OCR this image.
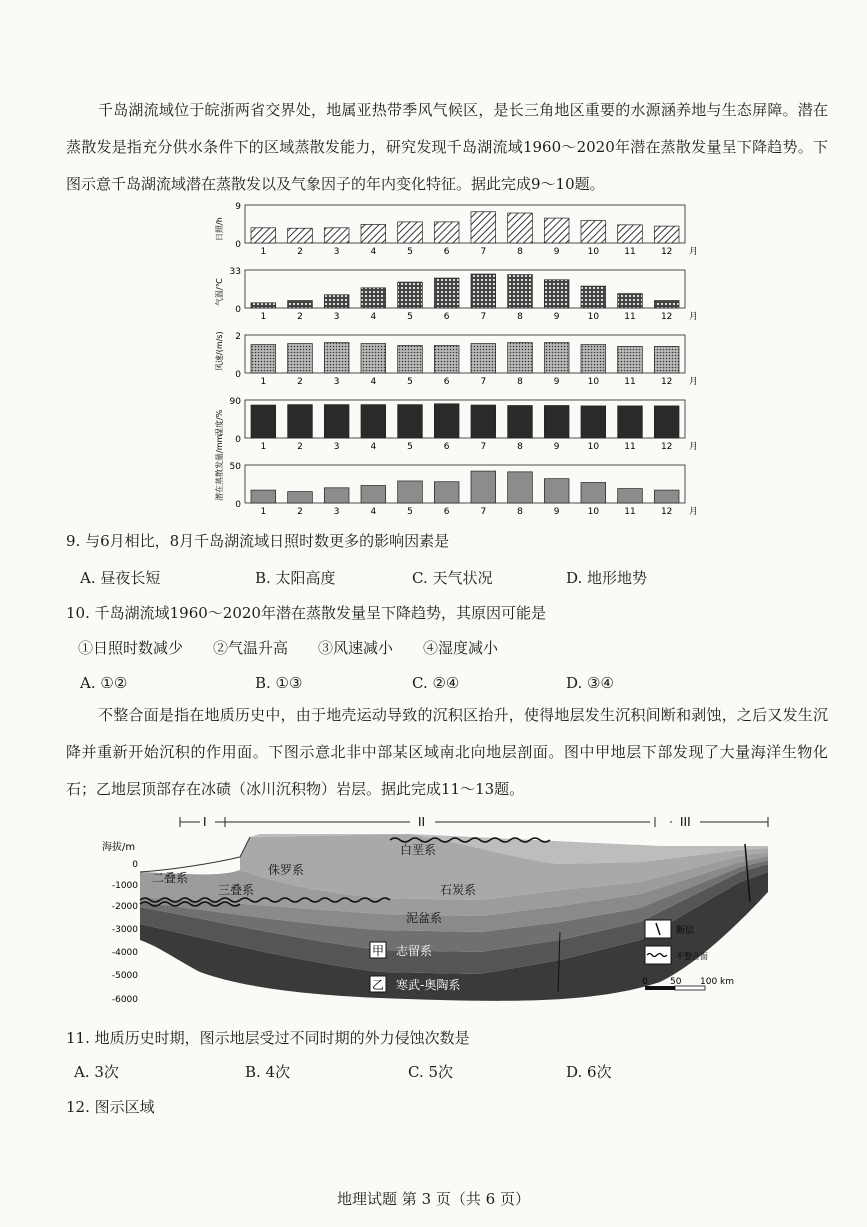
千岛湖流域位于皖浙两省交界处，地属亚热带季风气候区，是长三角地区重要的水源涵养地与生态屏障。潜在蒸散发是指充分供水条件下的区域蒸散发能力，研究发现千岛湖流域1960～2020年潜在蒸散发量呈下降趋势。下图示意千岛湖流域潜在蒸散发以及气象因子的年内变化特征。据此完成9～10题。
日照/h
0
9
1	2	3	4	5	6	7	8	9	10	11	12 月
气温/℃
0
33
1	2	3	4	5	6	7	8	9	10	11	12 月
风速/(m/s)
0
2
1	2	3	4	5	6	7	8	9	10	11	12 月
湿度/%
0
90
1	2	3	4	5	6	7	8	9	10	11	12 月
潜在蒸散发量/mm
0
50
1	2	3	4	5	6	7	8	9	10	11	12 月
9. 与6月相比，8月千岛湖流域日照时数更多的影响因素是
A. 昼夜长短	B. 太阳高度	C. 天气状况	D. 地形地势
10. 千岛湖流域1960～2020年潜在蒸散发量呈下降趋势，其原因可能是
①日照时数减少　　②气温升高　　③风速减小　　④湿度减小
A. ①②	B. ①③	C. ②④	D. ③④
不整合面是指在地质历史中，由于地壳运动导致的沉积区抬升，使得地层发生沉积间断和剥蚀，之后又发生沉降并重新开始沉积的作用面。下图示意北非中部某区域南北向地层剖面。图中甲地层下部发现了大量海洋生物化石；乙地层顶部存在冰碛（冰川沉积物）岩层。据此完成11～13题。
I	II	III
海拔/m
0
-1000
-2000
-3000
-4000
-5000
-6000
白垩系
侏罗系
二叠系
三叠系	石炭系
泥盆系
甲 志留系
乙 寒武-奥陶系
断层
不整合面
0 50 100 km
11. 地质历史时期，图示地层受过不同时期的外力侵蚀次数是
A. 3次	B. 4次	C. 5次	D. 6次
12. 图示区域
地理试题 第 3 页（共 6 页）
